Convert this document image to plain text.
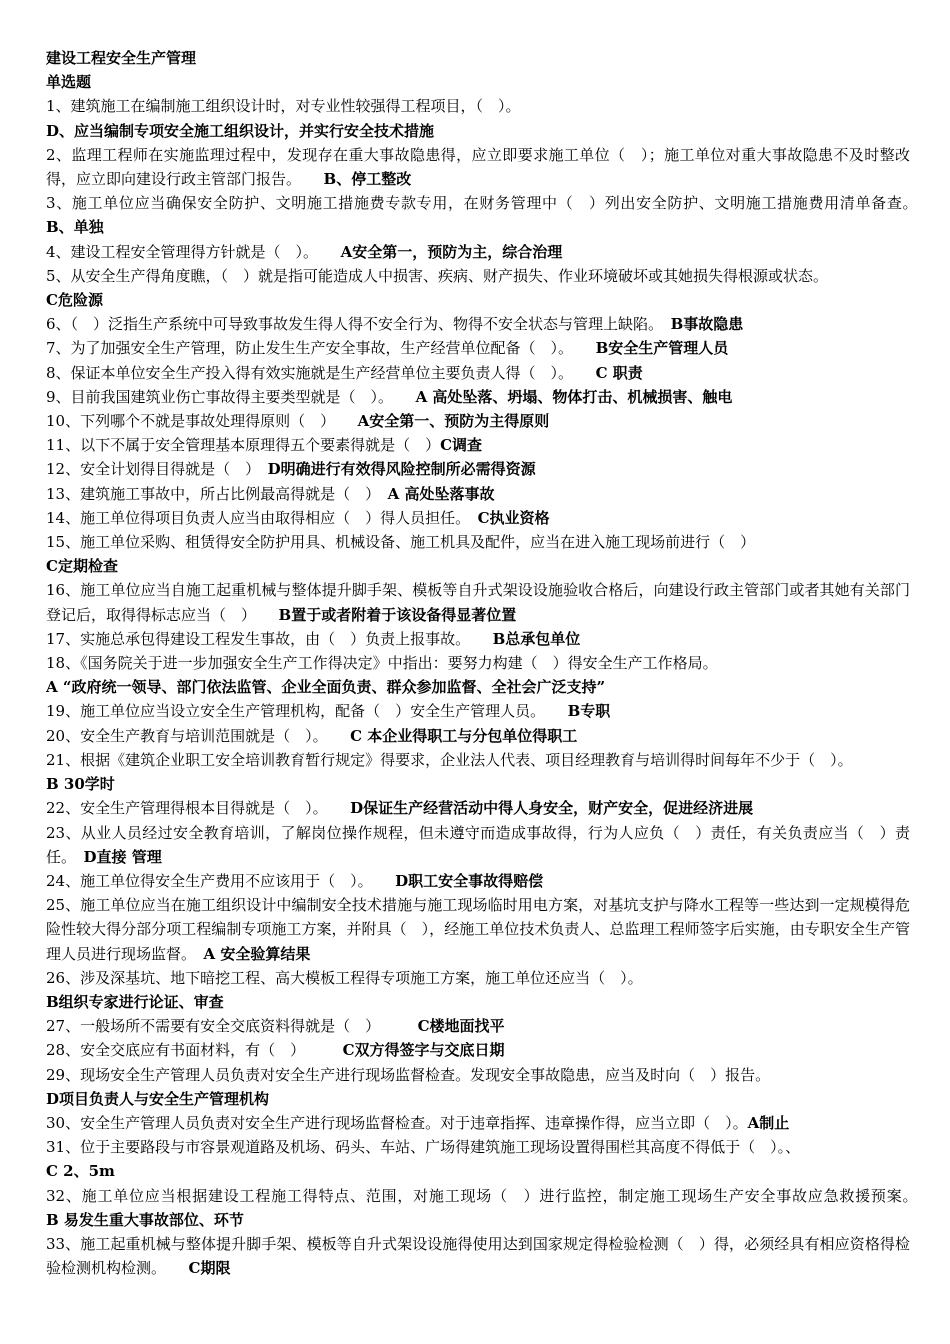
建设工程安全生产管理
单选题
1、建筑施工在编制施工组织设计时，对专业性较强得工程项目，（　）。
D、应当编制专项安全施工组织设计，并实行安全技术措施
2、监理工程师在实施监理过程中，发现存在重大事故隐患得，应立即要求施工单位（　）；施工单位对重大事故隐患不及时整改得，应立即向建设行政主管部门报告。　　 B、停工整改
3、施工单位应当确保安全防护、文明施工措施费专款专用，在财务管理中（　）列出安全防护、文明施工措施费用清单备查。　　B、单独
4、建设工程安全管理得方针就是（　）。　　 A安全第一，预防为主，综合治理
5、从安全生产得角度瞧，（　）就是指可能造成人中损害、疾病、财产损失、作业环境破坏或其她损失得根源或状态。
C危险源
6、（　）泛指生产系统中可导致事故发生得人得不安全行为、物得不安全状态与管理上缺陷。　 B事故隐患
7、为了加强安全生产管理，防止发生生产安全事故，生产经营单位配备（　）。　　 B安全生产管理人员
8、保证本单位安全生产投入得有效实施就是生产经营单位主要负责人得（　）。　　 C 职责
9、目前我国建筑业伤亡事故得主要类型就是（　）。　　 A 高处坠落、坍塌、物体打击、机械损害、触电
10、下列哪个不就是事故处理得原则（　）　　 A安全第一、预防为主得原则
11、以下不属于安全管理基本原理得五个要素得就是（　）C调查
12、安全计划得目得就是（　）　 D明确进行有效得风险控制所必需得资源
13、建筑施工事故中，所占比例最高得就是（　）　 A 高处坠落事故
14、施工单位得项目负责人应当由取得相应（　）得人员担任。　 C执业资格
15、施工单位采购、租赁得安全防护用具、机械设备、施工机具及配件，应当在进入施工现场前进行（　）
C定期检查
16、施工单位应当自施工起重机械与整体提升脚手架、模板等自升式架设设施验收合格后，向建设行政主管部门或者其她有关部门登记后，取得得标志应当（　）　　 B置于或者附着于该设备得显著位置
17、实施总承包得建设工程发生事故，由（　）负责上报事故。　　 B总承包单位
18、《国务院关于进一步加强安全生产工作得决定》中指出：要努力构建（　）得安全生产工作格局。
A “政府统一领导、部门依法监管、企业全面负责、群众参加监督、全社会广泛支持”
19、施工单位应当设立安全生产管理机构，配备（　）安全生产管理人员。　　 B专职
20、安全生产教育与培训范围就是（　）。　　 C 本企业得职工与分包单位得职工
21、根据《建筑企业职工安全培训教育暂行规定》得要求，企业法人代表、项目经理教育与培训得时间每年不少于（　）。
B 30学时
22、安全生产管理得根本目得就是（　）。　　 D保证生产经营活动中得人身安全，财产安全，促进经济进展
23、从业人员经过安全教育培训，了解岗位操作规程，但未遵守而造成事故得，行为人应负（　）责任，有关负责应当（　）责任。　 D直接 管理
24、施工单位得安全生产费用不应该用于（　）。　　 D职工安全事故得赔偿
25、施工单位应当在施工组织设计中编制安全技术措施与施工现场临时用电方案，对基坑支护与降水工程等一些达到一定规模得危险性较大得分部分项工程编制专项施工方案，并附具（　），经施工单位技术负责人、总监理工程师签字后实施，由专职安全生产管理人员进行现场监督。　 A 安全验算结果
26、涉及深基坑、地下暗挖工程、高大模板工程得专项施工方案，施工单位还应当（　）。
B组织专家进行论证、审查
27、一般场所不需要有安全交底资料得就是（　）　　　	C楼地面找平
28、安全交底应有书面材料，有（　）　　　	C双方得签字与交底日期
29、现场安全生产管理人员负责对安全生产进行现场监督检查。发现安全事故隐患，应当及时向（　）报告。
D项目负责人与安全生产管理机构
30、安全生产管理人员负责对安全生产进行现场监督检查。对于违章指挥、违章操作得，应当立即（　）。A制止
31、位于主要路段与市容景观道路及机场、码头、车站、广场得建筑施工现场设置得围栏其高度不得低于（　）。、
C 2、5m
32、施工单位应当根据建设工程施工得特点、范围，对施工现场（　）进行监控，制定施工现场生产安全事故应急救援预案。　　B 易发生重大事故部位、环节
33、施工起重机械与整体提升脚手架、模板等自升式架设设施得使用达到国家规定得检验检测（　）得，必须经具有相应资格得检验检测机构检测。　　 C期限
